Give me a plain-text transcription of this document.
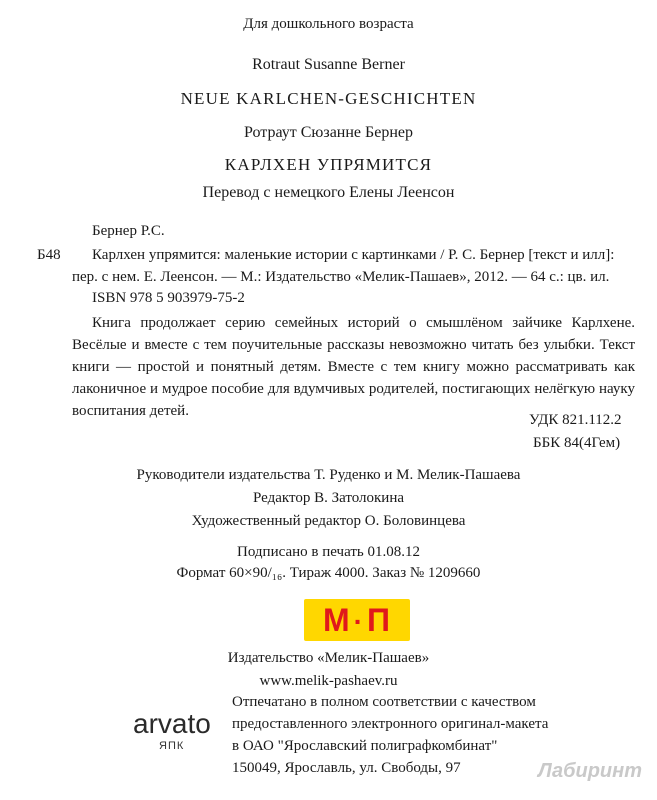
Для дошкольного возраста
Rotraut Susanne Berner
NEUE KARLCHEN-GESCHICHTEN
Ротраут Сюзанне Бернер
КАРЛХЕН УПРЯМИТСЯ
Перевод с немецкого Елены Леенсон
Бернер Р.С.
Б48 Карлхен упрямится: маленькие истории с картинками / Р. С. Бернер [текст и илл]:
пер. с нем. Е. Леенсон. — М.: Издательство «Мелик-Пашаев», 2012. — 64 с.: цв. ил.
ISBN 978 5 903979-75-2
Книга продолжает серию семейных историй о смышлёном зайчике Карлхене. Весёлые и вместе с тем поучительные рассказы невозможно читать без улыбки. Текст книги — простой и понятный детям. Вместе с тем книгу можно рассматривать как лаконичное и мудрое пособие для вдумчивых родителей, постигающих нелёгкую науку воспитания детей.
УДК 821.112.2
ББК 84(4Гем)
Руководители издательства Т. Руденко и М. Мелик-Пашаева
Редактор В. Затолокина
Художественный редактор О. Боловинцева
Подписано в печать 01.08.12
Формат 60×90/₁₆. Тираж 4000. Заказ № 1209660
М ·П
Издательство «Мелик-Пашаев»
www.melik-pashaev.ru
arvato
ЯПК
Отпечатано в полном соответствии с качеством
предоставленного электронного оригинал-макета
в ОАО "Ярославский полиграфкомбинат"
150049, Ярославль, ул. Свободы, 97	Лабиринт
